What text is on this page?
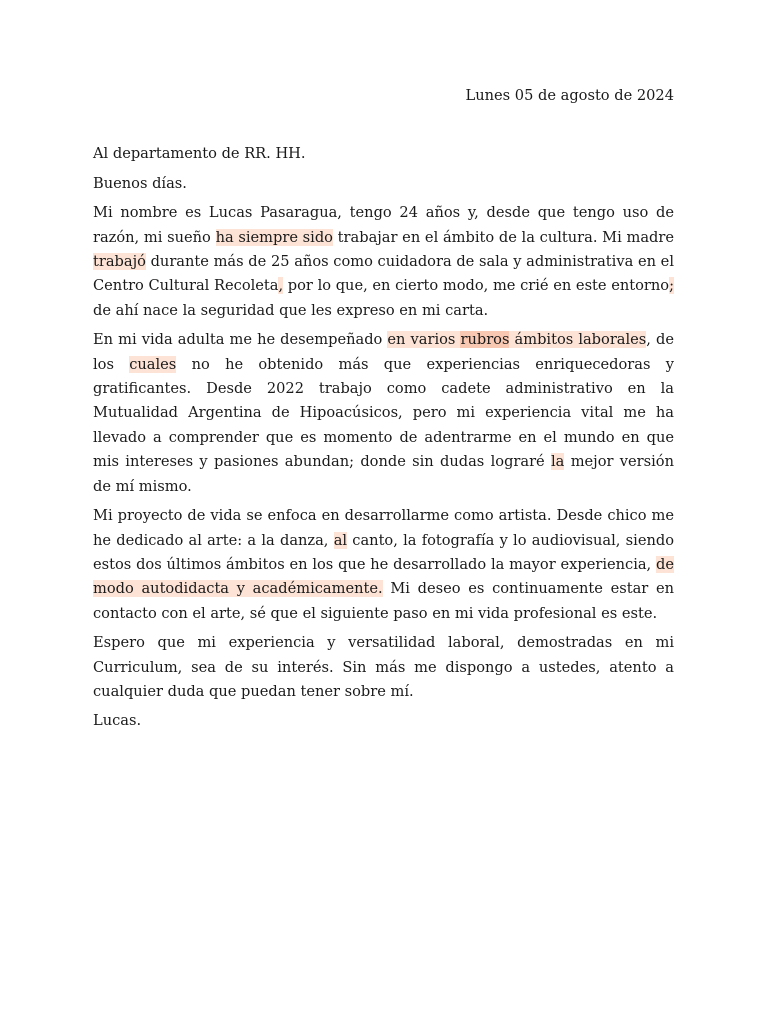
Lunes 05 de agosto de 2024

Al departamento de RR. HH.

Buenos días.

Mi nombre es Lucas Pasaragua, tengo 24 años y, desde que tengo uso de razón, mi sueño ha siempre sido trabajar en el ámbito de la cultura. Mi madre trabajó durante más de 25 años como cuidadora de sala y administrativa en el Centro Cultural Recoleta, por lo que, en cierto modo, me crié en este entorno; de ahí nace la seguridad que les expreso en mi carta.

En mi vida adulta me he desempeñado en varios rubros ámbitos laborales, de los cuales no he obtenido más que experiencias enriquecedoras y gratificantes. Desde 2022 trabajo como cadete administrativo en la Mutualidad Argentina de Hipoacúsicos, pero mi experiencia vital me ha llevado a comprender que es momento de adentrarme en el mundo en que mis intereses y pasiones abundan; donde sin dudas lograré la mejor versión de mí mismo.

Mi proyecto de vida se enfoca en desarrollarme como artista. Desde chico me he dedicado al arte: a la danza, al canto, la fotografía y lo audiovisual, siendo estos dos últimos ámbitos en los que he desarrollado la mayor experiencia, de modo autodidacta y académicamente. Mi deseo es continuamente estar en contacto con el arte, sé que el siguiente paso en mi vida profesional es este.

Espero que mi experiencia y versatilidad laboral, demostradas en mi Curriculum, sea de su interés. Sin más me dispongo a ustedes, atento a cualquier duda que puedan tener sobre mí.

Lucas.
